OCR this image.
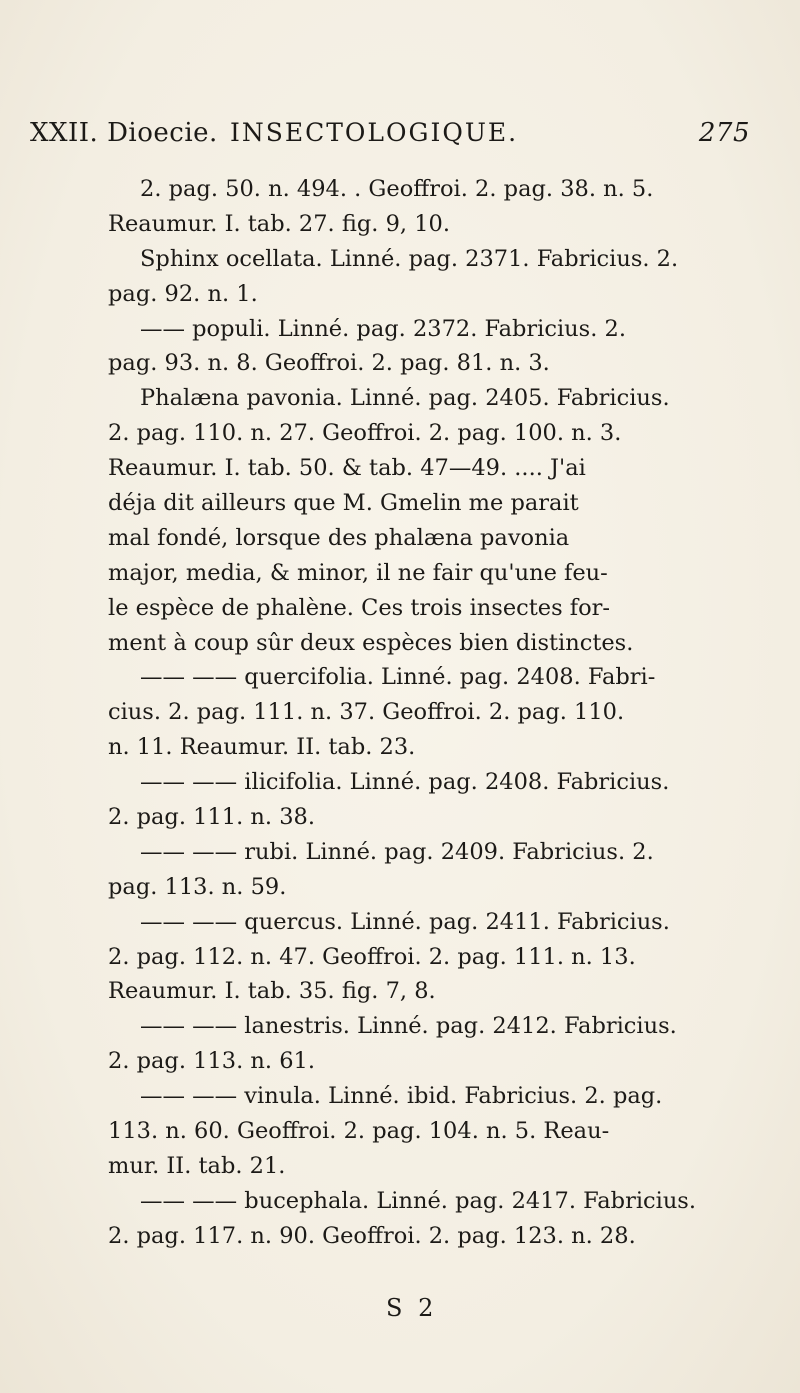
XXII. Dioecie. INSECTOLOGIQUE.	275
2. pag. 50. n. 494. . Geoffroi. 2. pag. 38. n. 5.
Reaumur. I. tab. 27. fig. 9, 10.
Sphinx ocellata. Linné. pag. 2371. Fabricius. 2.
pag. 92. n. 1.
—— populi. Linné. pag. 2372. Fabricius. 2.
pag. 93. n. 8. Geoffroi. 2. pag. 81. n. 3.
Phalæna pavonia. Linné. pag. 2405. Fabricius.
2. pag. 110. n. 27. Geoffroi. 2. pag. 100. n. 3.
Reaumur. I. tab. 50. & tab. 47—49. .... J'ai
déja dit ailleurs que M. Gmelin me parait
mal fondé, lorsque des phalæna pavonia
major, media, & minor, il ne fair qu'une feu-
le espèce de phalène. Ces trois insectes for-
ment à coup sûr deux espèces bien distinctes.
—— —— quercifolia. Linné. pag. 2408. Fabri-
cius. 2. pag. 111. n. 37. Geoffroi. 2. pag. 110.
n. 11. Reaumur. II. tab. 23.
—— —— ilicifolia. Linné. pag. 2408. Fabricius.
2. pag. 111. n. 38.
—— —— rubi. Linné. pag. 2409. Fabricius. 2.
pag. 113. n. 59.
—— —— quercus. Linné. pag. 2411. Fabricius.
2. pag. 112. n. 47. Geoffroi. 2. pag. 111. n. 13.
Reaumur. I. tab. 35. fig. 7, 8.
—— —— lanestris. Linné. pag. 2412. Fabricius.
2. pag. 113. n. 61.
—— —— vinula. Linné. ibid. Fabricius. 2. pag.
113. n. 60. Geoffroi. 2. pag. 104. n. 5. Reau-
mur. II. tab. 21.
—— —— bucephala. Linné. pag. 2417. Fabricius.
2. pag. 117. n. 90. Geoffroi. 2. pag. 123. n. 28.
S 2
